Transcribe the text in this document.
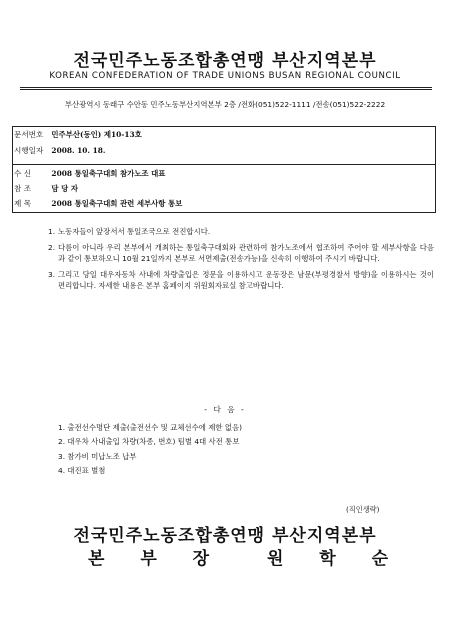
전국민주노동조합총연맹 부산지역본부
KOREAN CONFEDERATION OF TRADE UNIONS BUSAN REGIONAL COUNCIL
부산광역시 동래구 수안동 민주노동부산지역본부 2층 /전화(051)522-1111 /전송(051)522-2222
문서번호 민주부산(동인) 제10-13호
시행일자 2008. 10. 18.
수 신	2008 통일축구대회 참가노조 대표
참 조	담 당 자
제 목	2008 통일축구대회 관련 세부사항 통보
1. 노동자들이 앞장서서 통일조국으로 전진합시다.
2. 다름이 아니라 우리 본부에서 개최하는 통일축구대회와 관련하여 참가노조에서 협조하여 주어야 할 세부사항을 다음과 같이 통보하오니 10월 21일까지 본부로 서면제출(전송가능)을 신속히 이행하여 주시기 바랍니다.
3. 그리고 당일 대우자동차 사내에 차량출입은 정문을 이용하시고 운동장은 남문(부평경찰서 방향)을 이용하시는 것이 편리합니다. 자세한 내용은 본부 홈페이지 위원회자료실 참고바랍니다.
- 다 음 -
1. 출전선수명단 제출(출전선수 및 교체선수에 제한 없음)
2. 대우차 사내출입 차량(차종, 번호) 팀별 4대 사전 통보
3. 참가비 미납노조 납부
4. 대진표 별첨
(직인생략)
전국민주노동조합총연맹 부산지역본부
본 부 장	원 학 순
